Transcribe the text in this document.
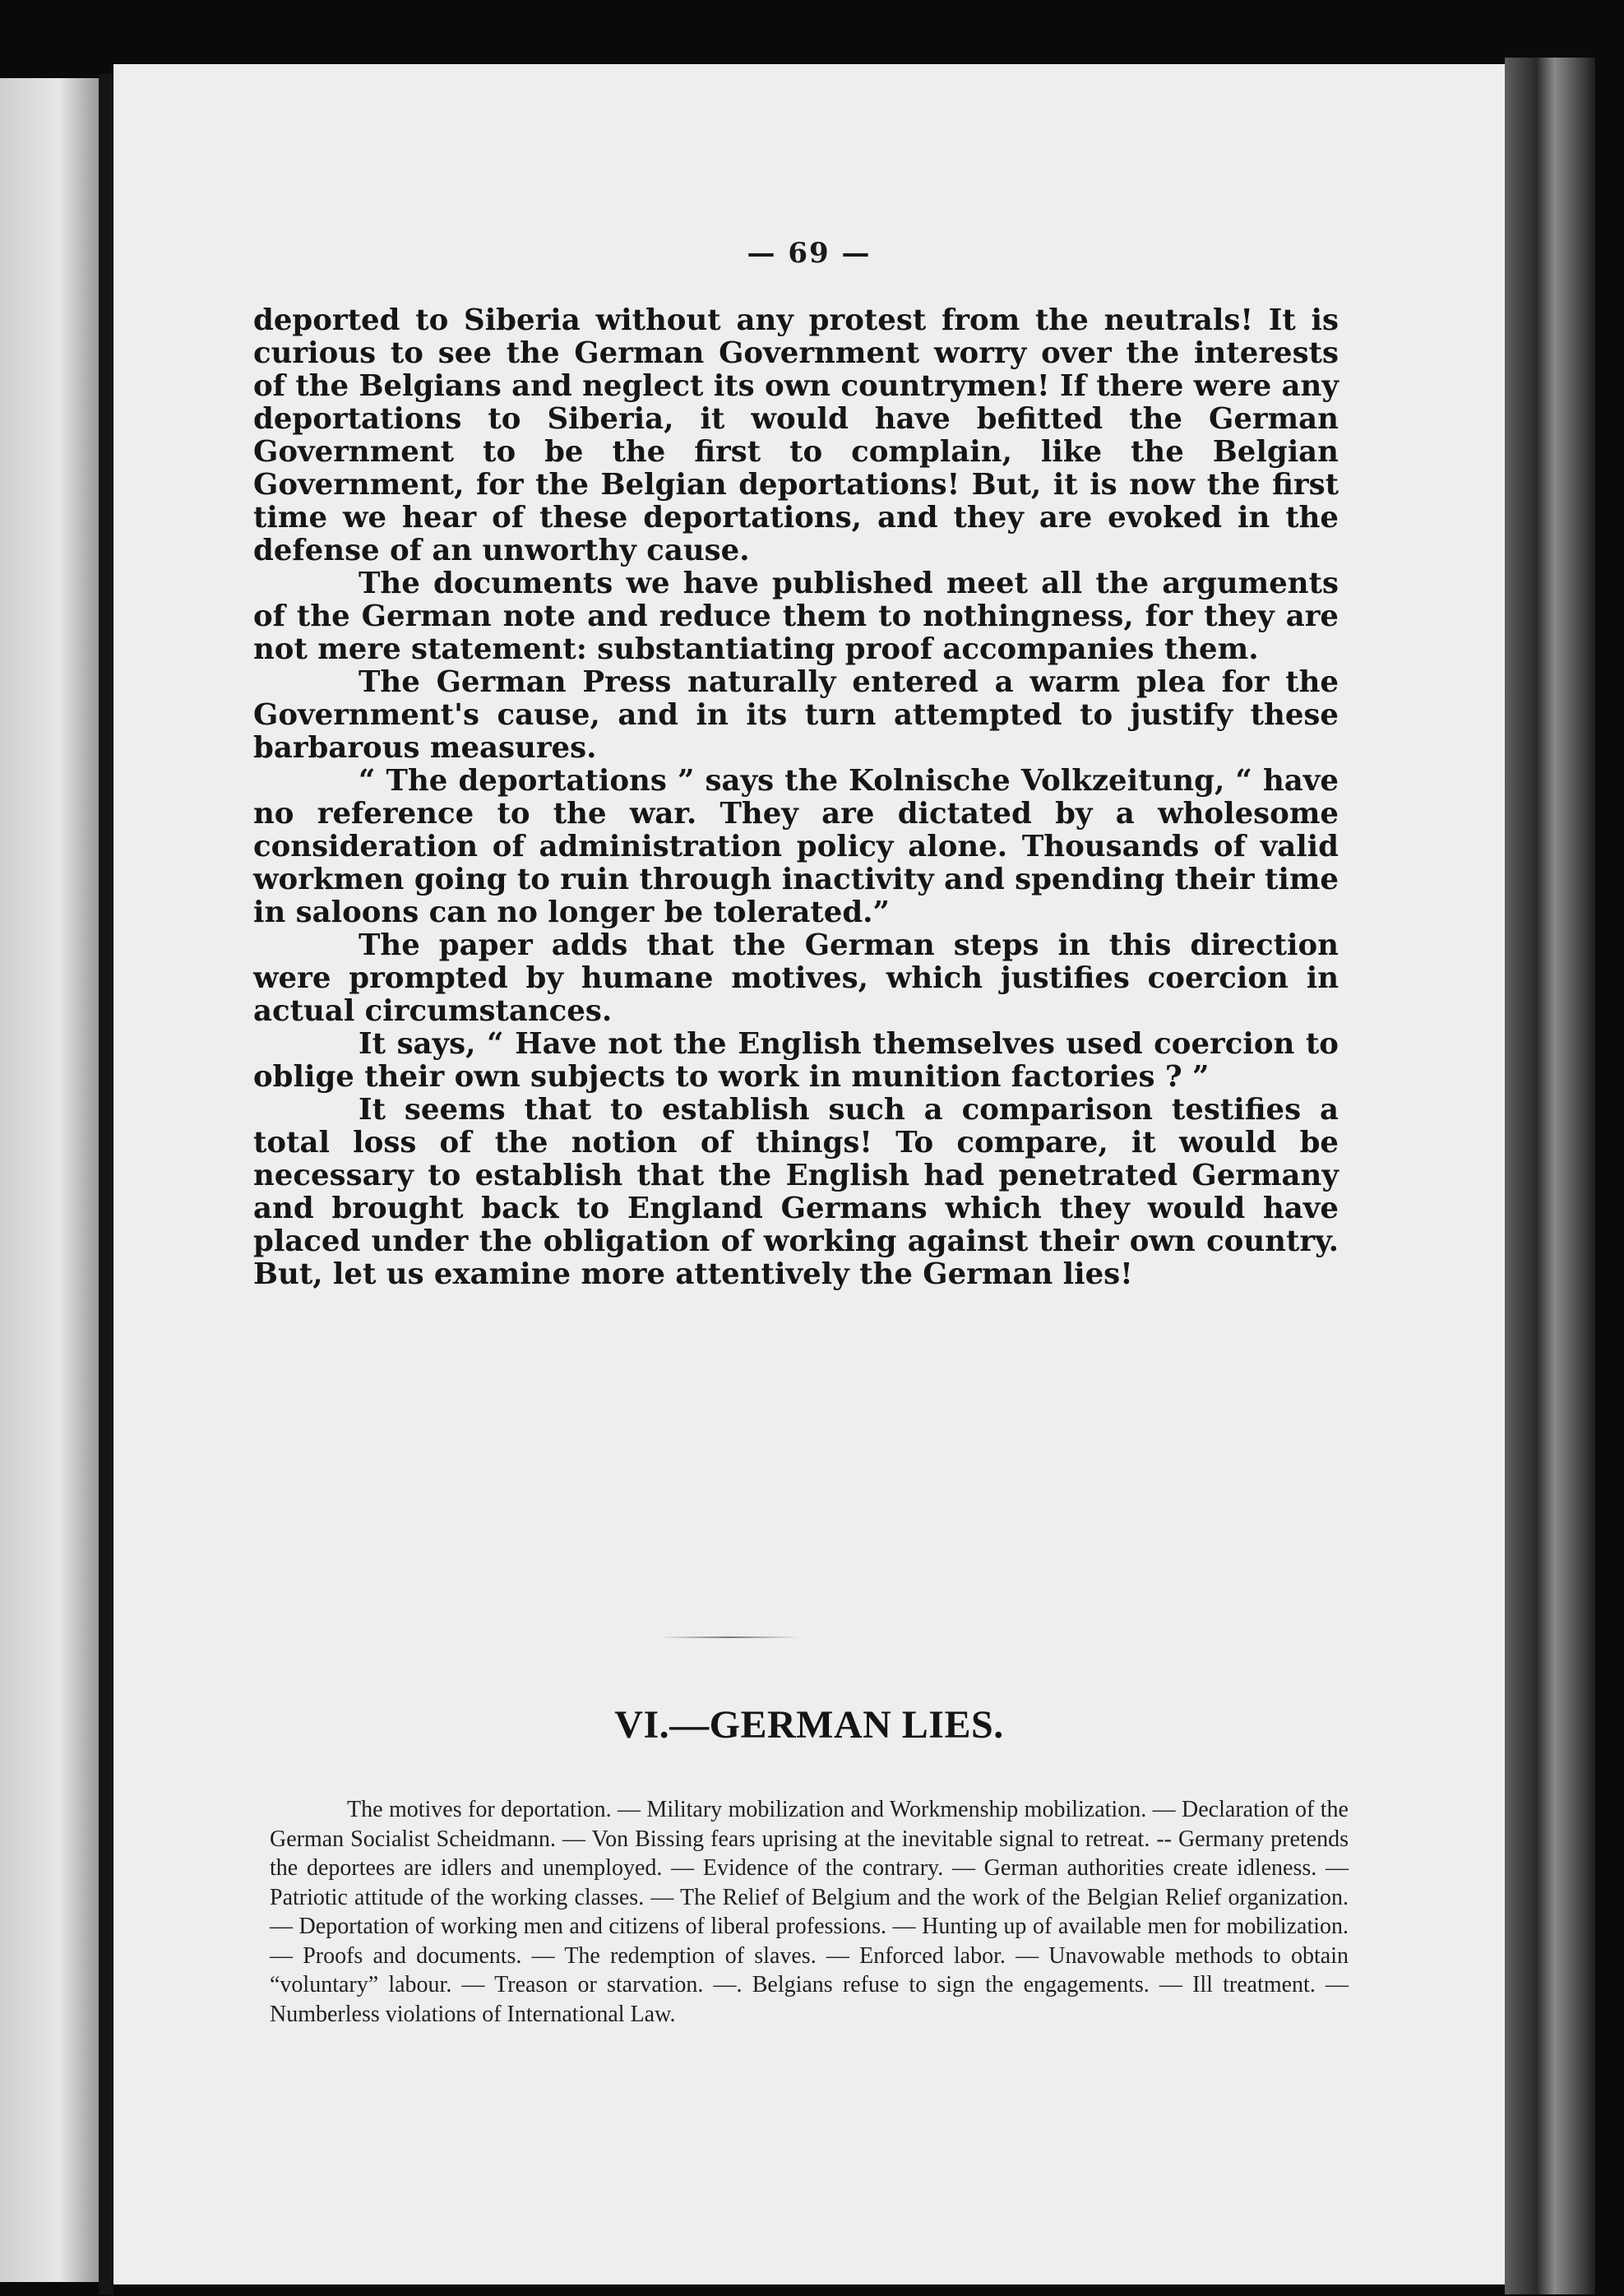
— 69 —

deported to Siberia without any protest from the neutrals! It is curious to see the German Government worry over the interests of the Belgians and neglect its own countrymen! If there were any deportations to Siberia, it would have befitted the German Government to be the first to complain, like the Belgian Government, for the Belgian deportations! But, it is now the first time we hear of these deportations, and they are evoked in the defense of an unworthy cause.

The documents we have published meet all the arguments of the German note and reduce them to nothingness, for they are not mere statement: substantiating proof accompanies them.

The German Press naturally entered a warm plea for the Government's cause, and in its turn attempted to justify these barbarous measures.

“ The deportations ” says the Kolnische Volkzeitung, “ have no reference to the war. They are dictated by a wholesome consideration of administration policy alone. Thousands of valid workmen going to ruin through inactivity and spending their time in saloons can no longer be tolerated.”

The paper adds that the German steps in this direction were prompted by humane motives, which justifies coercion in actual circumstances.

It says, “ Have not the English themselves used coercion to oblige their own subjects to work in munition factories ? ”

It seems that to establish such a comparison testifies a total loss of the notion of things! To compare, it would be necessary to establish that the English had penetrated Germany and brought back to England Germans which they would have placed under the obligation of working against their own country. But, let us examine more attentively the German lies!

VI.—GERMAN LIES.
The motives for deportation. — Military mobilization and Workmenship mobilization. — Declaration of the German Socialist Scheidmann. — Von Bissing fears uprising at the inevitable signal to retreat. -- Germany pretends the deportees are idlers and unemployed. — Evidence of the contrary. — German authorities create idleness. — Patriotic attitude of the working classes. — The Relief of Belgium and the work of the Belgian Relief organization. — Deportation of working men and citizens of liberal professions. — Hunting up of available men for mobilization. — Proofs and documents. — The redemption of slaves. — Enforced labor. — Unavowable methods to obtain “voluntary” labour. — Treason or starvation. —. Belgians refuse to sign the engagements. — Ill treatment. — Numberless violations of International Law.
